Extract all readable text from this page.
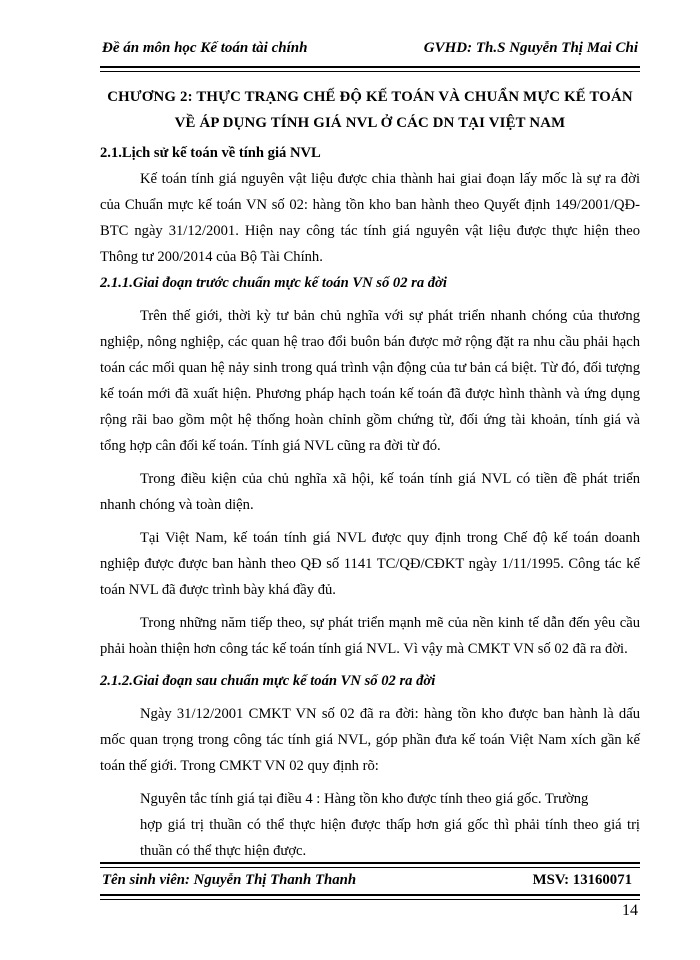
Đề án môn học Kế toán tài chính	GVHD: Th.S Nguyễn Thị Mai Chi

CHƯƠNG 2: THỰC TRẠNG CHẾ ĐỘ KẾ TOÁN VÀ CHUẨN MỰC KẾ TOÁN

VỀ ÁP DỤNG TÍNH GIÁ NVL Ở CÁC DN TẠI VIỆT NAM

2.1.Lịch sử kế toán về tính giá NVL

Kế toán tính giá nguyên vật liệu được chia thành hai giai đoạn lấy mốc là sự ra đời của Chuẩn mực kế toán VN số 02: hàng tồn kho ban hành theo Quyết định 149/2001/QĐ-BTC ngày 31/12/2001. Hiện nay công tác tính giá nguyên vật liệu được thực hiện theo Thông tư 200/2014 của Bộ Tài Chính.

2.1.1.Giai đoạn trước chuẩn mực kế toán VN số 02 ra đời

Trên thế giới, thời kỳ tư bản chủ nghĩa với sự phát triển nhanh chóng của thương nghiệp, nông nghiệp, các quan hệ trao đổi buôn bán được mở rộng đặt ra nhu cầu phải hạch toán các mối quan hệ nảy sinh trong quá trình vận động của tư bản cá biệt. Từ đó, đối tượng kế toán mới đã xuất hiện. Phương pháp hạch toán kế toán đã được hình thành và ứng dụng rộng rãi bao gồm một hệ thống hoàn chỉnh gồm chứng từ, đối ứng tài khoản, tính giá và tổng hợp cân đối kế toán. Tính giá NVL cũng ra đời từ đó.

Trong điều kiện của chủ nghĩa xã hội, kế toán tính giá NVL có tiền đề phát triển nhanh chóng và toàn diện.

Tại Việt Nam, kế toán tính giá NVL được quy định trong Chế độ kế toán doanh nghiệp được được ban hành theo QĐ số 1141 TC/QĐ/CĐKT ngày 1/11/1995. Công tác kế toán NVL đã được trình bày khá đầy đủ.

Trong những năm tiếp theo, sự phát triển mạnh mẽ của nền kinh tế dẫn đến yêu cầu phải hoàn thiện hơn công tác kế toán tính giá NVL. Vì vậy mà CMKT VN số 02 đã ra đời.

2.1.2.Giai đoạn sau chuẩn mực kế toán VN số 02 ra đời

Ngày 31/12/2001 CMKT VN số 02 đã ra đời: hàng tồn kho được ban hành là dấu mốc quan trọng trong công tác tính giá NVL, góp phần đưa kế toán Việt Nam xích gần kế toán thế giới. Trong CMKT VN 02 quy định rõ:

Nguyên tắc tính giá tại điều 4 : Hàng tồn kho được tính theo giá gốc. Trường

hợp giá trị thuần có thể thực hiện được thấp hơn giá gốc thì phải tính theo giá trị thuần có thể thực hiện được.

Tên sinh viên: Nguyễn Thị Thanh Thanh	MSV: 13160071
14
